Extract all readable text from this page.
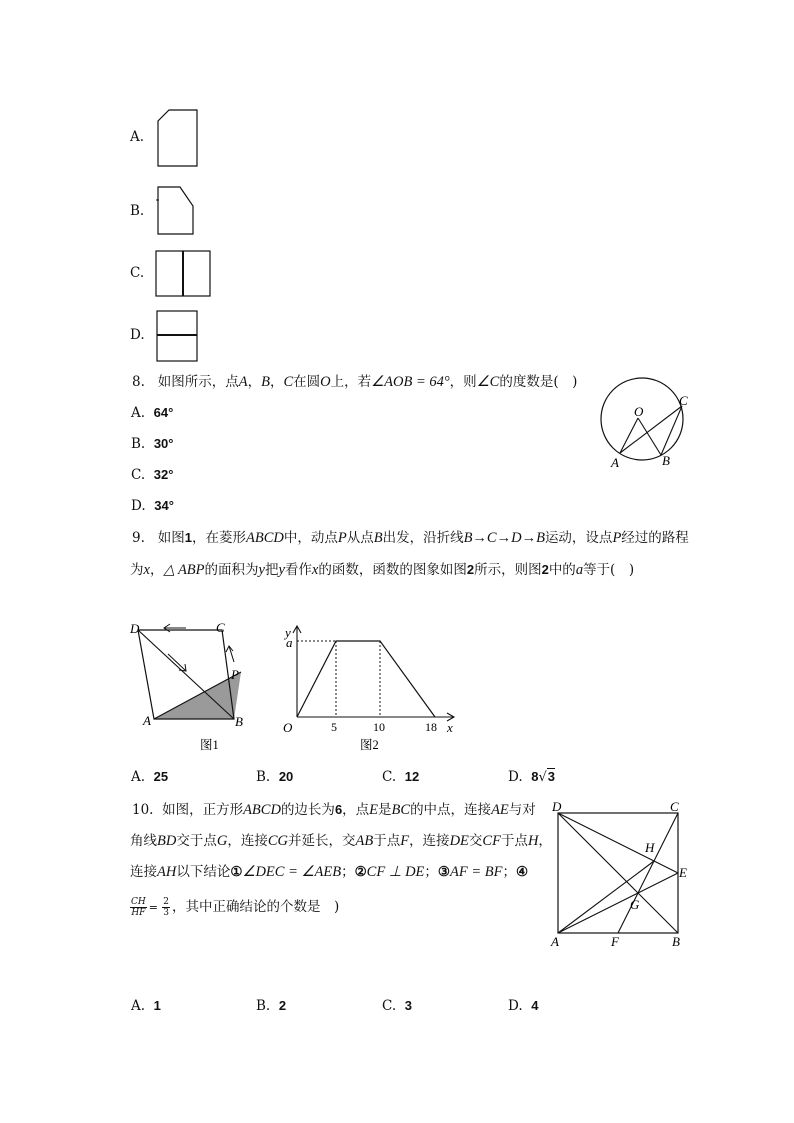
A.
B.
C.
D.
8. 如图所示，点A，B，C在圆O上，若∠AOB = 64°，则∠C的度数是(　)
A. 64°
B. 30°
C. 32°
D. 34°
O
C
A	B
9. 如图1，在菱形ABCD中，动点P从点B出发，沿折线B→C→D→B运动，设点P经过的路程
为x，△ ABP的面积为y把y看作x的函数，函数的图象如图2所示，则图2中的a等于(　)
D	C
P
A	B
图1
y
a
O	x
5	10	18
图2
A. 25	B. 20	C. 12	D. 8√3
10. 如图，正方形ABCD的边长为6，点E是BC的中点，连接AE与对
角线BD交于点G，连接CG并延长，交AB于点F，连接DE交CF于点H，
连接AH以下结论①∠DEC = ∠AEB；②CF ⊥ DE；③AF = BF；④
$\frac{CH}{HF} = \frac{2}{3}$ ，其中正确结论的个数是　)
D	C
H
E
G
A	F	B
A. 1	B. 2	C. 3	D. 4
